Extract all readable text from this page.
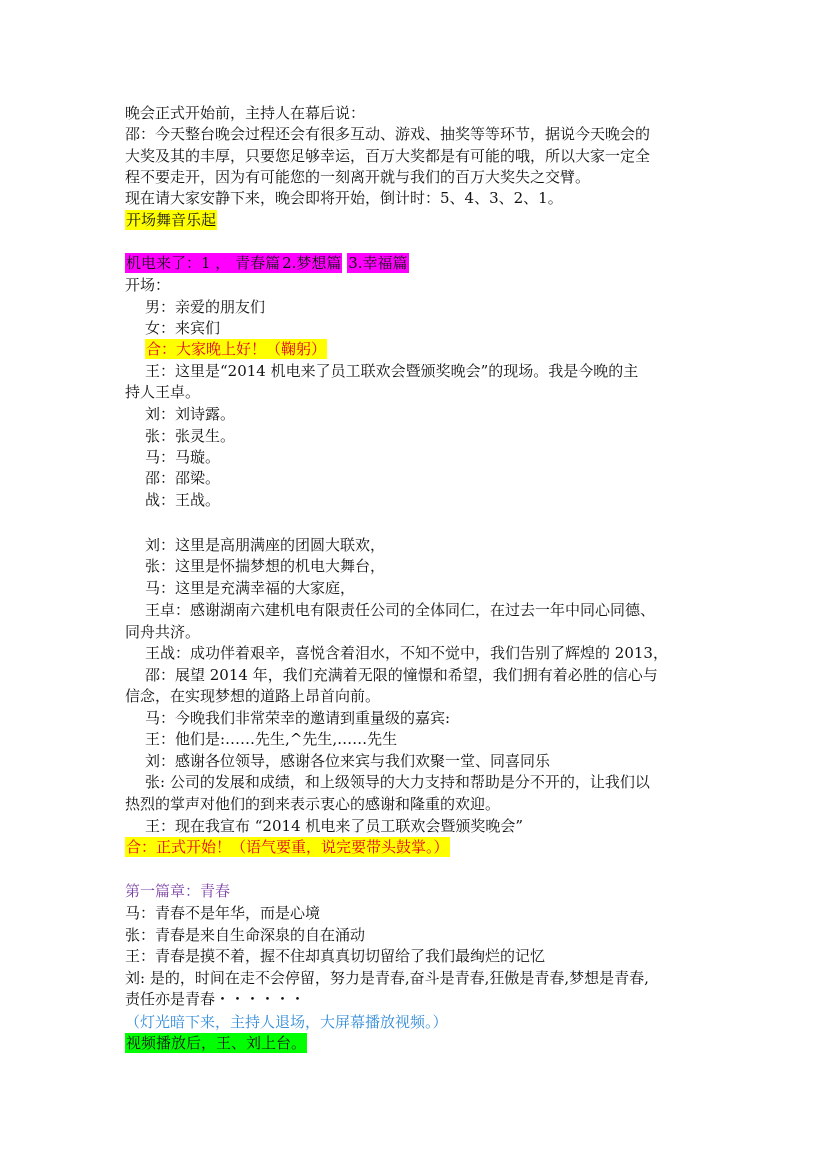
晚会正式开始前，主持人在幕后说：
邵：今天整台晚会过程还会有很多互动、游戏、抽奖等等环节，据说今天晚会的
大奖及其的丰厚，只要您足够幸运，百万大奖都是有可能的哦，所以大家一定全
程不要走开，因为有可能您的一刻离开就与我们的百万大奖失之交臂。
现在请大家安静下来，晚会即将开始，倒计时：5、4、3、2、1。
开场舞音乐起
机电来了：1 ， 青春篇2.梦想篇 3.幸福篇
开场：
男：亲爱的朋友们
女：来宾们
合：大家晚上好！（鞠躬）
王：这里是“2014 机电来了员工联欢会暨颁奖晚会”的现场。我是今晚的主
持人王卓。
刘：刘诗露。
张：张灵生。
马：马璇。
邵：邵梁。
战：王战。
刘：这里是高朋满座的团圆大联欢，
张：这里是怀揣梦想的机电大舞台，
马：这里是充满幸福的大家庭，
王卓：感谢湖南六建机电有限责任公司的全体同仁，在过去一年中同心同德、
同舟共济。
王战：成功伴着艰辛，喜悦含着泪水，不知不觉中，我们告别了辉煌的 2013，
邵：展望 2014 年，我们充满着无限的憧憬和希望，我们拥有着必胜的信心与
信念，在实现梦想的道路上昂首向前。
马：今晚我们非常荣幸的邀请到重量级的嘉宾:
王：他们是:……先生,^先生,……先生
刘：感谢各位领导，感谢各位来宾与我们欢聚一堂、同喜同乐
张: 公司的发展和成绩，和上级领导的大力支持和帮助是分不开的，让我们以
热烈的掌声对他们的到来表示衷心的感谢和隆重的欢迎。
王：现在我宣布 “2014 机电来了员工联欢会暨颁奖晚会”
合：正式开始！（语气要重，说完要带头鼓掌。）
第一篇章：青春
马：青春不是年华，而是心境
张：青春是来自生命深泉的自在涌动
王：青春是摸不着，握不住却真真切切留给了我们最绚烂的记忆
刘: 是的，时间在走不会停留，努力是青春,奋斗是青春,狂傲是青春,梦想是青春,
责任亦是青春・・・・・・
（灯光暗下来，主持人退场，大屏幕播放视频。）
视频播放后，王、刘上台。
